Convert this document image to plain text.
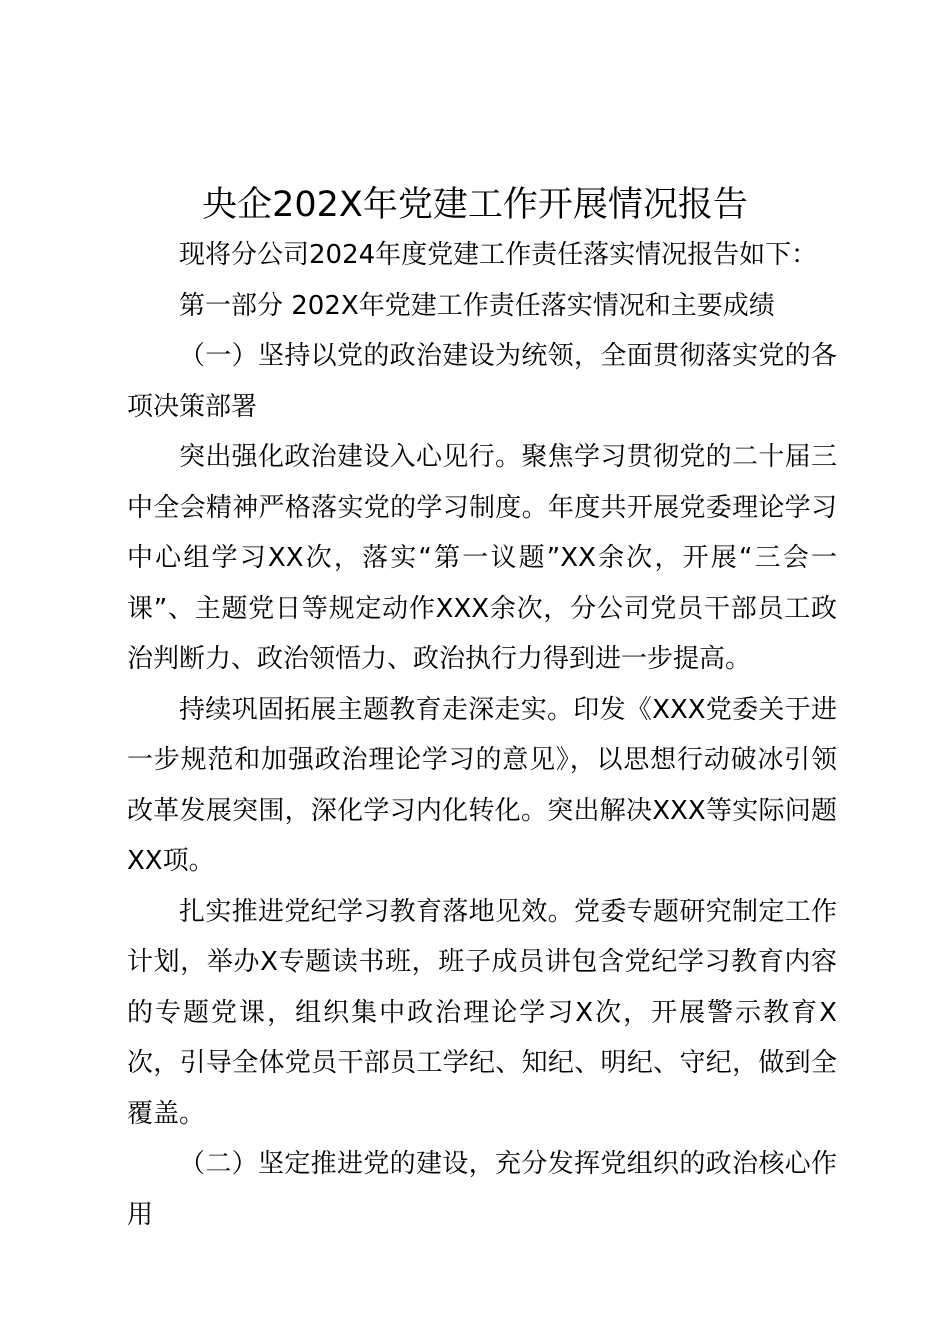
央企202X年党建工作开展情况报告

现将分公司2024年度党建工作责任落实情况报告如下：

第一部分 202X年党建工作责任落实情况和主要成绩

（一）坚持以党的政治建设为统领，全面贯彻落实党的各项决策部署

突出强化政治建设入心见行。聚焦学习贯彻党的二十届三中全会精神严格落实党的学习制度。年度共开展党委理论学习中心组学习XX次，落实“第一议题”XX余次，开展“三会一课”、主题党日等规定动作XXX余次，分公司党员干部员工政治判断力、政治领悟力、政治执行力得到进一步提高。

持续巩固拓展主题教育走深走实。印发《XXX党委关于进一步规范和加强政治理论学习的意见》，以思想行动破冰引领改革发展突围，深化学习内化转化。突出解决XXX等实际问题XX项。

扎实推进党纪学习教育落地见效。党委专题研究制定工作计划，举办X专题读书班，班子成员讲包含党纪学习教育内容的专题党课，组织集中政治理论学习X次，开展警示教育X次，引导全体党员干部员工学纪、知纪、明纪、守纪，做到全覆盖。

（二）坚定推进党的建设，充分发挥党组织的政治核心作用
